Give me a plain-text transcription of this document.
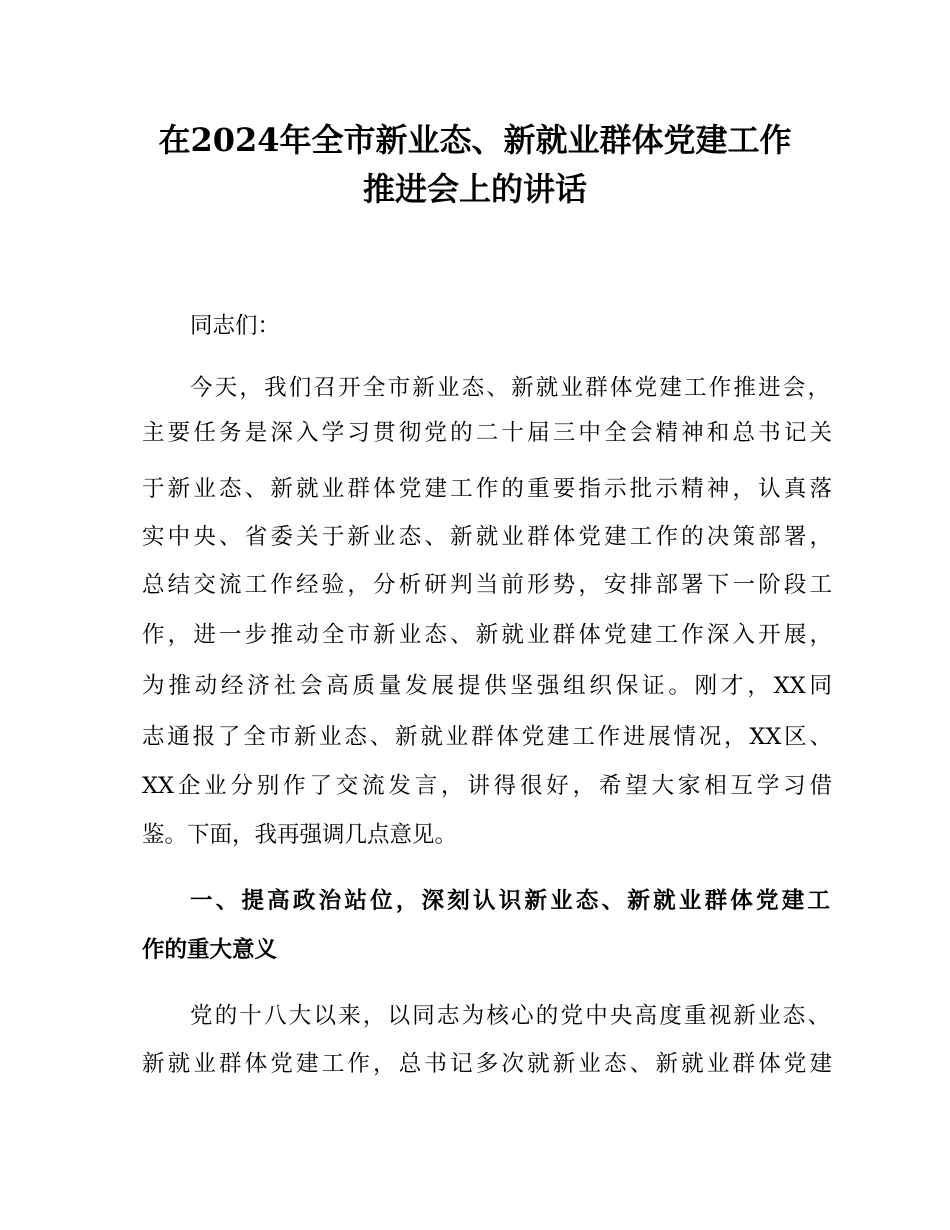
在2024年全市新业态、新就业群体党建工作
推进会上的讲话
同志们：
今天，我们召开全市新业态、新就业群体党建工作推进会，
主要任务是深入学习贯彻党的二十届三中全会精神和总书记关
于新业态、新就业群体党建工作的重要指示批示精神，认真落
实中央、省委关于新业态、新就业群体党建工作的决策部署，
总结交流工作经验，分析研判当前形势，安排部署下一阶段工
作，进一步推动全市新业态、新就业群体党建工作深入开展，
为推动经济社会高质量发展提供坚强组织保证。刚才，XX同
志通报了全市新业态、新就业群体党建工作进展情况，XX区、
XX企业分别作了交流发言，讲得很好，希望大家相互学习借
鉴。下面，我再强调几点意见。
一、提高政治站位，深刻认识新业态、新就业群体党建工
作的重大意义
党的十八大以来，以同志为核心的党中央高度重视新业态、
新就业群体党建工作，总书记多次就新业态、新就业群体党建
